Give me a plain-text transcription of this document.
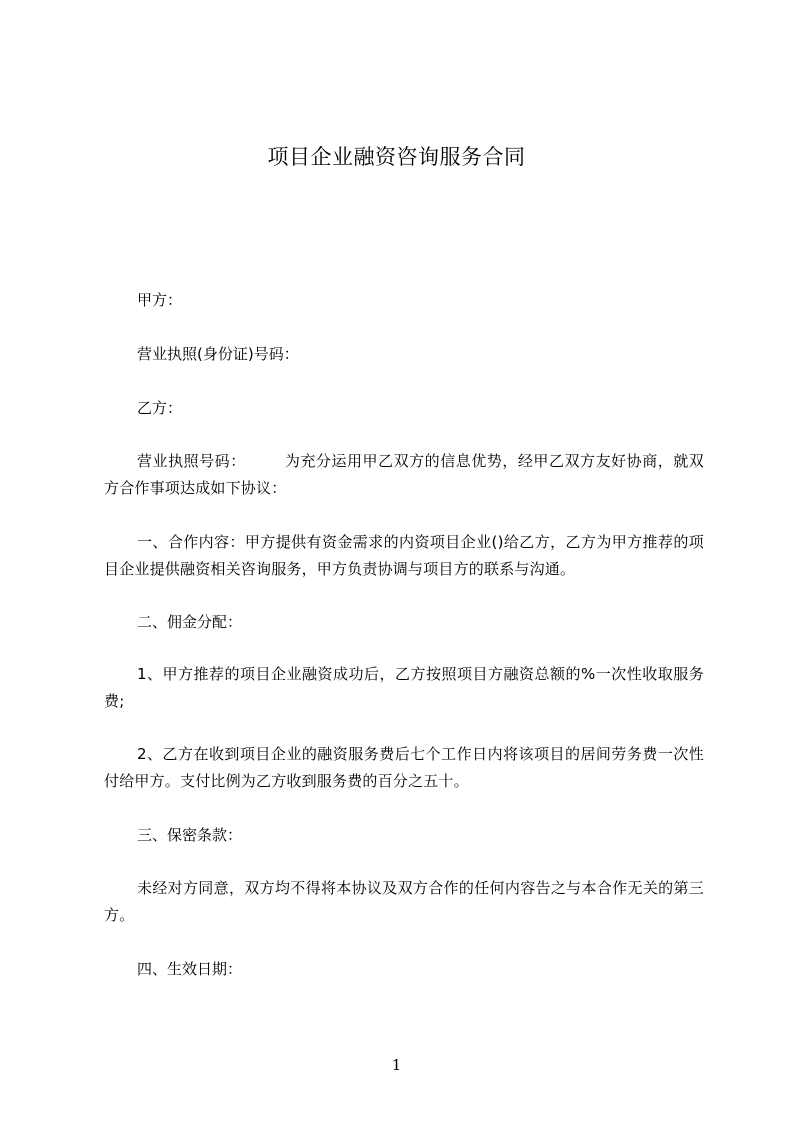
项目企业融资咨询服务合同
甲方：
营业执照(身份证)号码：
乙方：
营业执照号码：　　　为充分运用甲乙双方的信息优势，经甲乙双方友好协商，就双方合作事项达成如下协议：
一、合作内容：甲方提供有资金需求的内资项目企业()给乙方，乙方为甲方推荐的项目企业提供融资相关咨询服务，甲方负责协调与项目方的联系与沟通。
二、佣金分配：
1、甲方推荐的项目企业融资成功后，乙方按照项目方融资总额的%一次性收取服务费;
2、乙方在收到项目企业的融资服务费后七个工作日内将该项目的居间劳务费一次性付给甲方。支付比例为乙方收到服务费的百分之五十。
三、保密条款：
未经对方同意，双方均不得将本协议及双方合作的任何内容告之与本合作无关的第三方。
四、生效日期：
1
